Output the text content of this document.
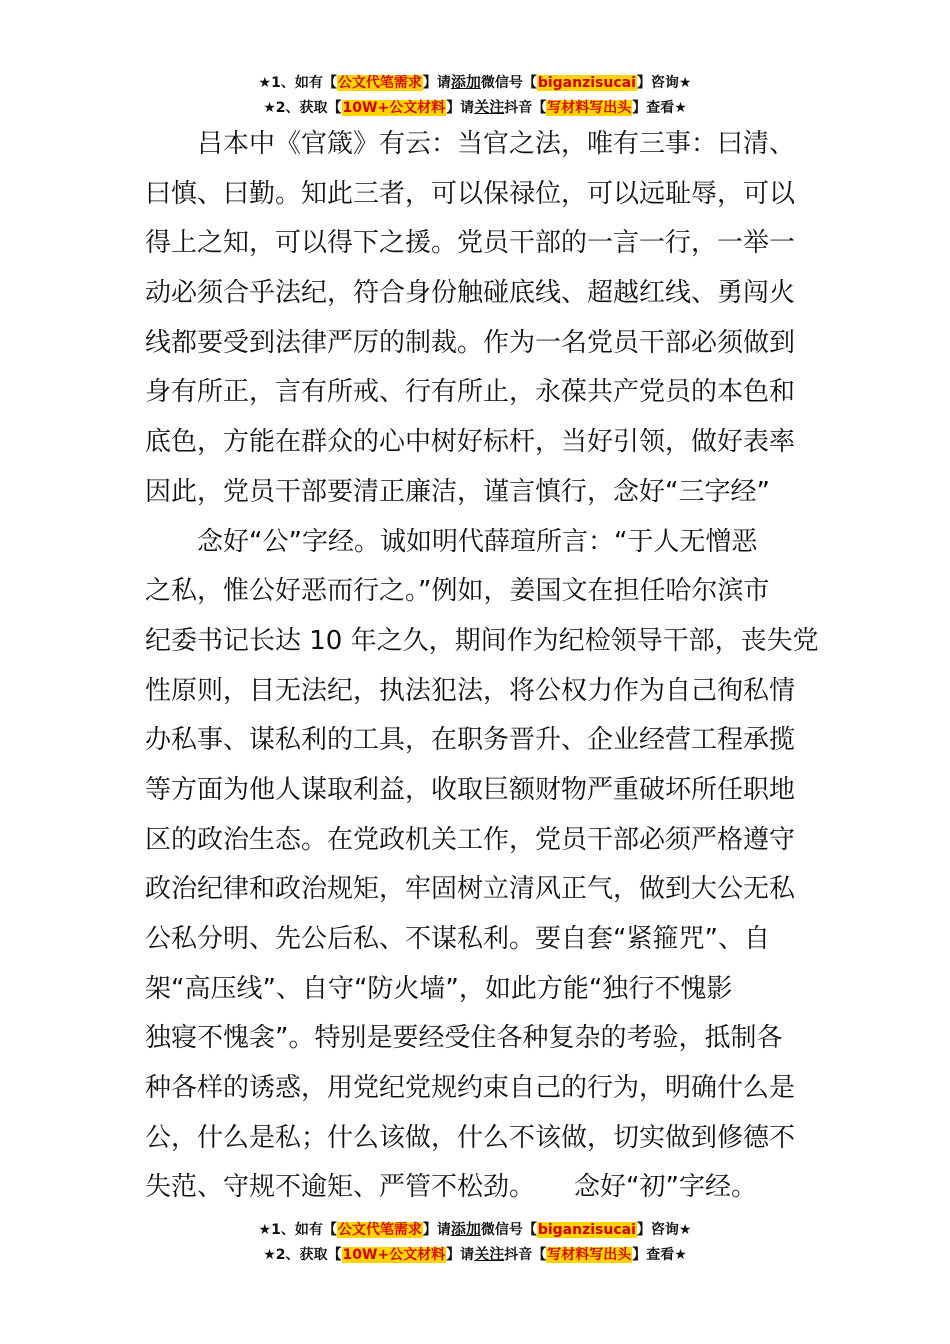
★1、如有【公文代笔需求】请添加微信号【biganzisucai】咨询★
★2、获取【10W+公文材料】请关注抖音【写材料写出头】查看★
　　吕本中《官箴》有云：当官之法，唯有三事：曰清、
曰慎、曰勤。知此三者，可以保禄位，可以远耻辱，可以
得上之知，可以得下之援。党员干部的一言一行，一举一
动必须合乎法纪，符合身份触碰底线、超越红线、勇闯火
线都要受到法律严厉的制裁。作为一名党员干部必须做到
身有所正，言有所戒、行有所止，永葆共产党员的本色和
底色，方能在群众的心中树好标杆，当好引领，做好表率
因此，党员干部要清正廉洁，谨言慎行，念好“三字经”
　　念好“公”字经。诚如明代薛瑄所言：“于人无憎恶
之私，惟公好恶而行之。”例如，姜国文在担任哈尔滨市
纪委书记长达 10 年之久，期间作为纪检领导干部，丧失党
性原则，目无法纪，执法犯法，将公权力作为自己徇私情
办私事、谋私利的工具，在职务晋升、企业经营工程承揽
等方面为他人谋取利益，收取巨额财物严重破坏所任职地
区的政治生态。在党政机关工作，党员干部必须严格遵守
政治纪律和政治规矩，牢固树立清风正气，做到大公无私
公私分明、先公后私、不谋私利。要自套“紧箍咒”、自
架“高压线”、自守“防火墙”，如此方能“独行不愧影
独寝不愧衾”。特别是要经受住各种复杂的考验，抵制各
种各样的诱惑，用党纪党规约束自己的行为，明确什么是
公，什么是私；什么该做，什么不该做，切实做到修德不
失范、守规不逾矩、严管不松劲。　　念好“初”字经。
★1、如有【公文代笔需求】请添加微信号【biganzisucai】咨询★
★2、获取【10W+公文材料】请关注抖音【写材料写出头】查看★
